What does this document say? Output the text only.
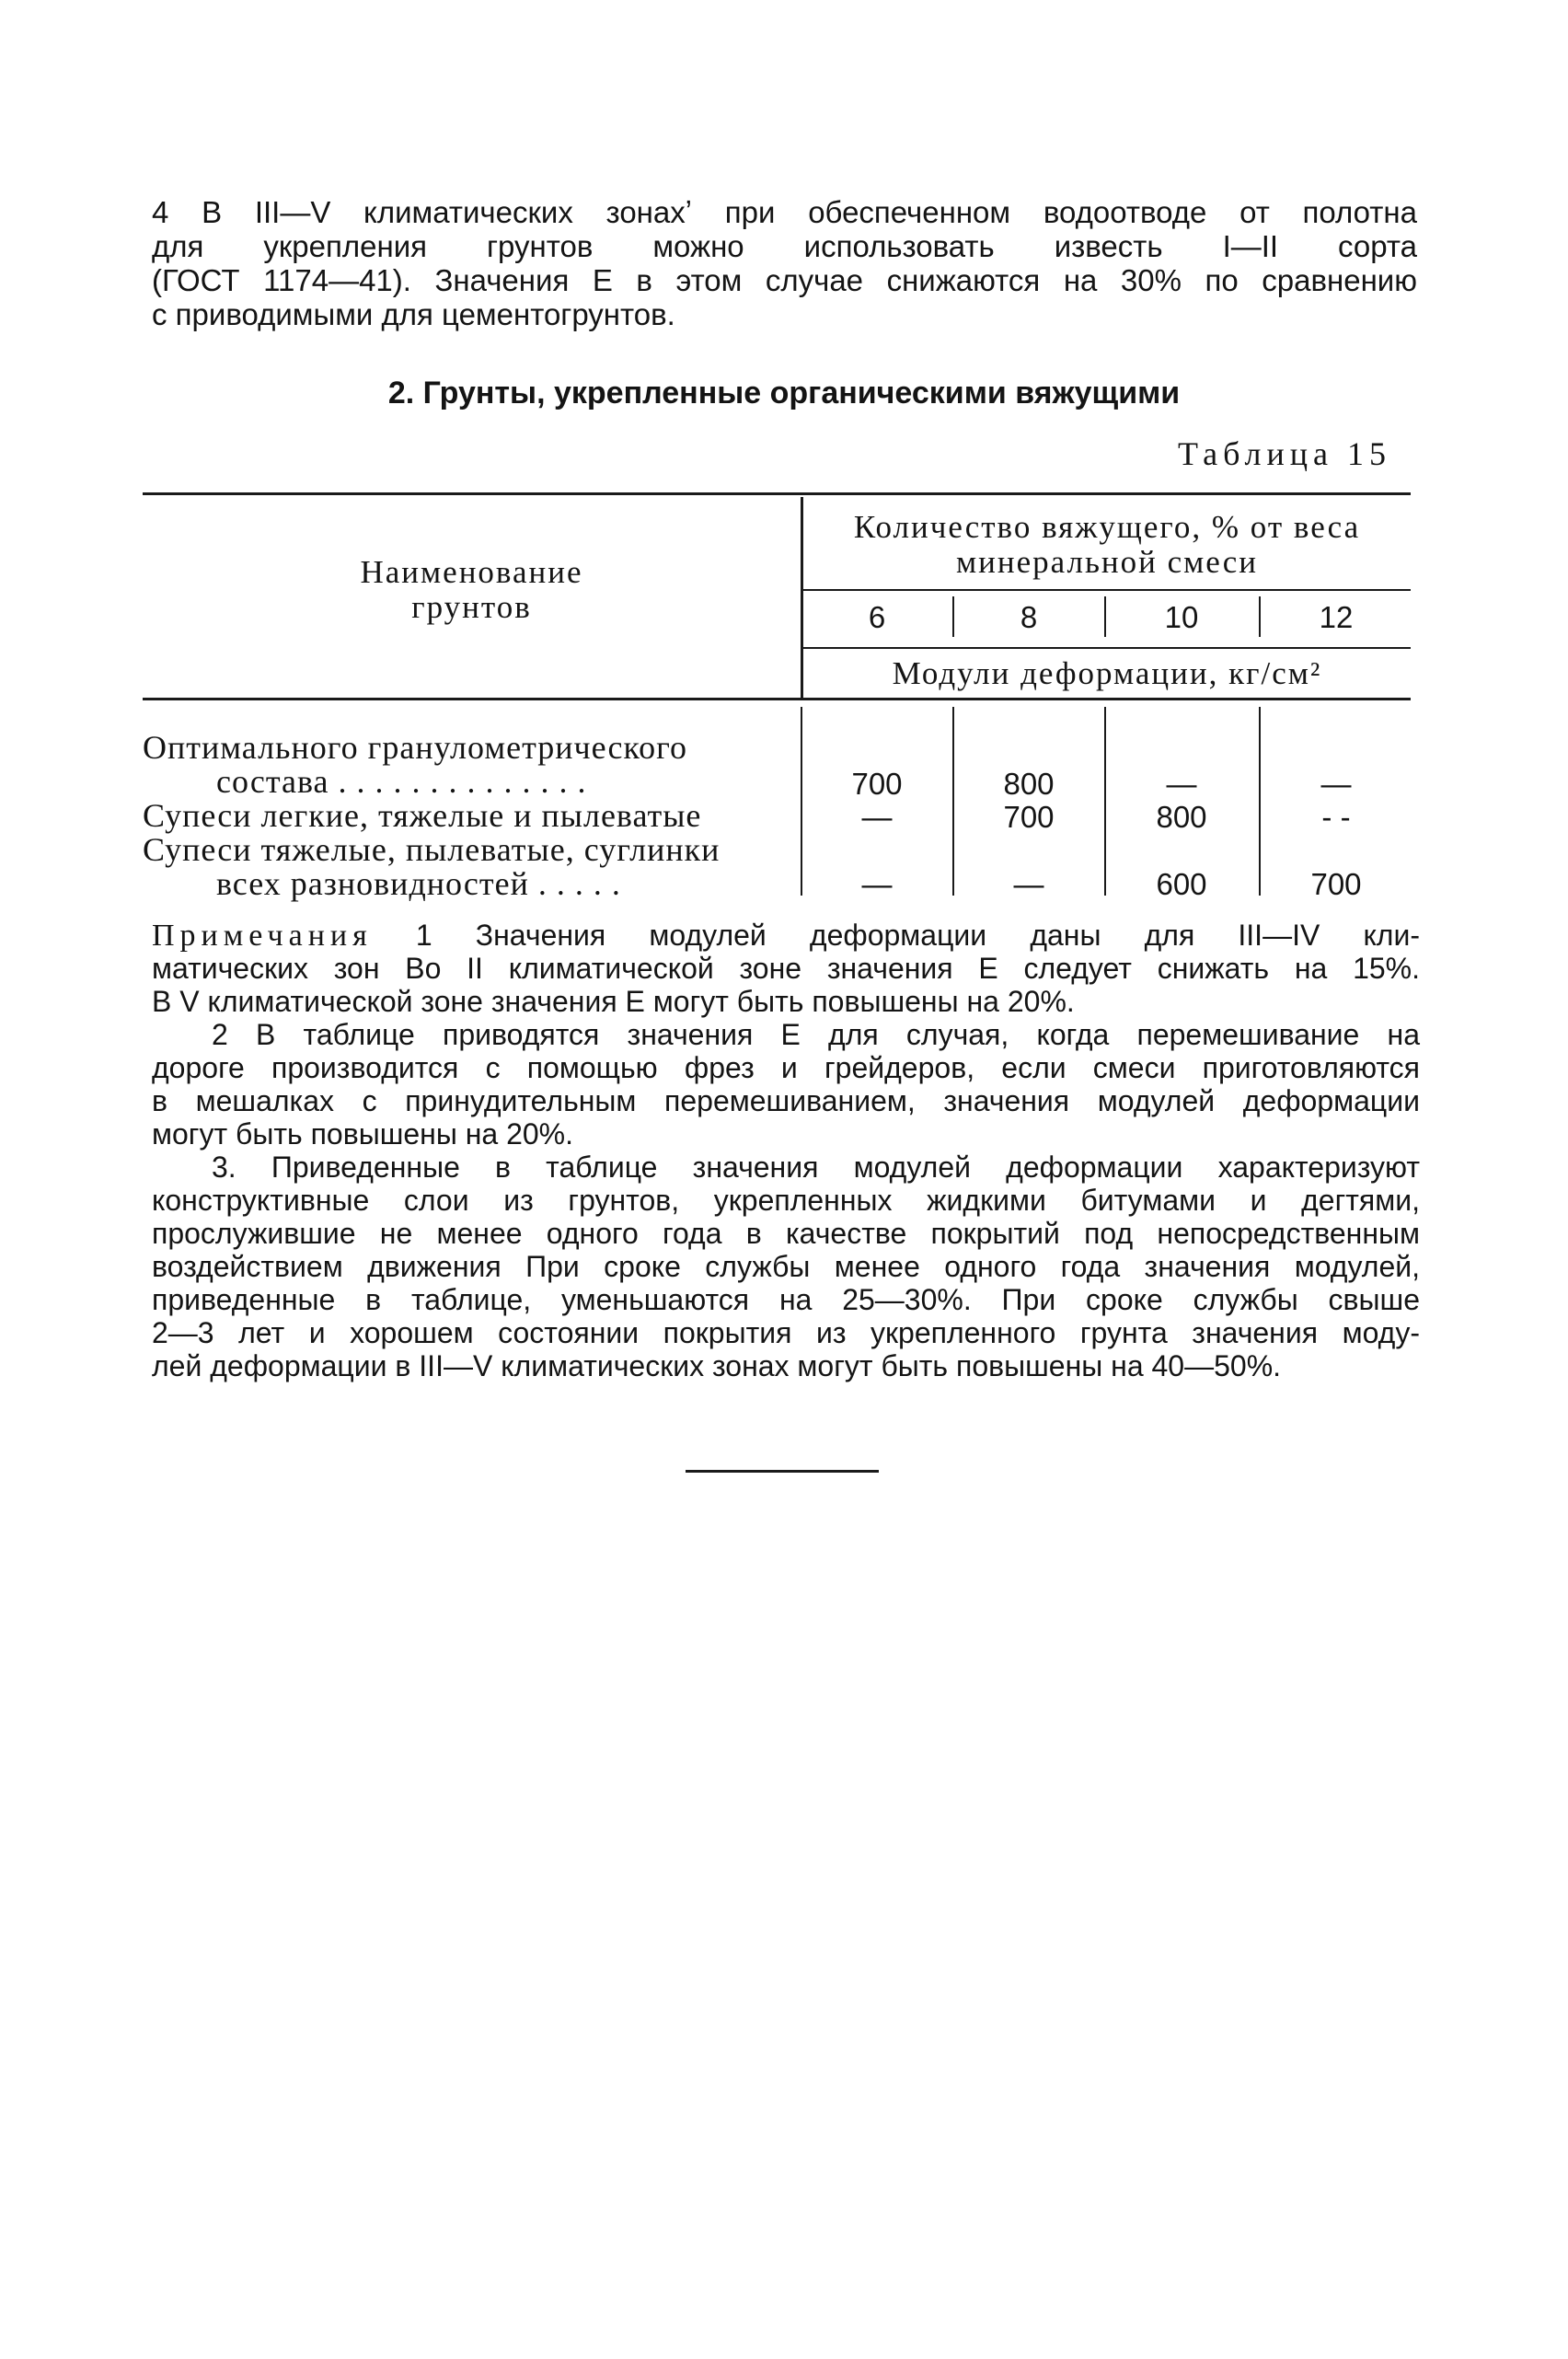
4 В III—V климатических зонахʼ при обеспеченном водоотводе от полотна
для укрепления грунтов можно использовать известь I—II сорта
(ГОСТ 1174—41). Значения E в этом случае снижаются на 30% по сравнению
с приводимыми для цементогрунтов.
2. Грунты, укрепленные органическими вяжущими
Таблица 15
Наименование
грунтов
Количество вяжущего, % от веса
минеральной смеси
6	8	10	12
Модули деформации, кг/см²
Оптимального гранулометрического
состава . . . . . . . . . . . . . .	700	800	—	—
Супеси легкие, тяжелые и пылеватые	—	700	800	- -
Супеси тяжелые, пылеватые, суглинки
всех разновидностей . . . . .	—	—	600	700
Примечания 1 Значения модулей деформации даны для III—IV кли-
матических зон Во II климатической зоне значения E следует снижать на 15%.
В V климатической зоне значения E могут быть повышены на 20%.
2 В таблице приводятся значения E для случая, когда перемешивание на
дороге производится с помощью фрез и грейдеров, если смеси приготовляются
в мешалках с принудительным перемешиванием, значения модулей деформации
могут быть повышены на 20%.
3. Приведенные в таблице значения модулей деформации характеризуют
конструктивные слои из грунтов, укрепленных жидкими битумами и дегтями,
прослужившие не менее одного года в качестве покрытий под непосредственным
воздействием движения При сроке службы менее одного года значения модулей,
приведенные в таблице, уменьшаются на 25—30%. При сроке службы свыше
2—3 лет и хорошем состоянии покрытия из укрепленного грунта значения моду-
лей деформации в III—V климатических зонах могут быть повышены на 40—50%.
